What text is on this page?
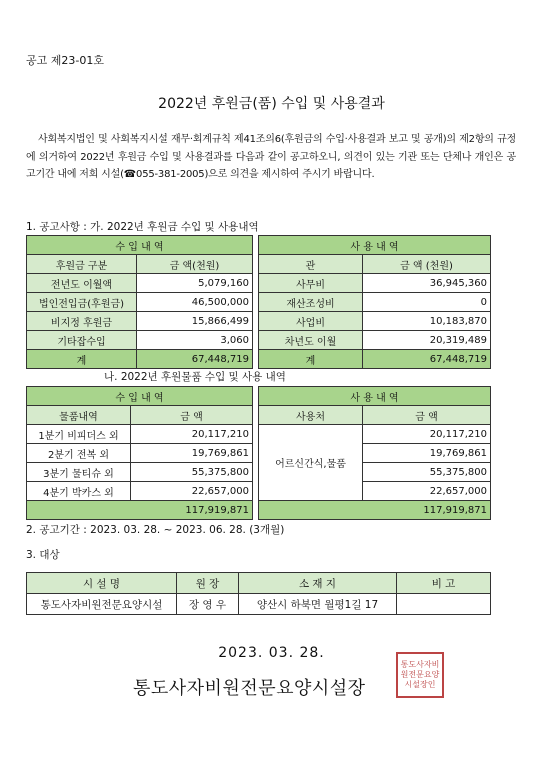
공고 제23-01호
2022년 후원금(품) 수입 및 사용결과
사회복지법인 및 사회복지시설 재무·회계규칙 제41조의6(후원금의 수입·사용결과 보고 및 공개)의 제2항의 규정에 의거하여 2022년 후원금 수입 및 사용결과를 다음과 같이 공고하오니, 의견이 있는 기관 또는 단체나 개인은 공고기간 내에 저희 시설(☎055-381-2005)으로 의견을 제시하여 주시기 바랍니다.
1. 공고사항 : 가. 2022년 후원금 수입 및 사용내역
수 입 내 역			사 용 내 역	
후원금 구분	금 액(천원)		관	금 액 (천원)
전년도 이월액	5,079,160		사무비	36,945,360
법인전입금(후원금)	46,500,000		재산조성비	0
비지정 후원금	15,866,499		사업비	10,183,870
기타잡수입	3,060		차년도 이월	20,319,489
계	67,448,719		계	67,448,719
나. 2022년 후원물품 수입 및 사용 내역
수 입 내 역			사 용 내 역	
물품내역	금 액		사용처	금 액
1분기 비피더스 외	20,117,210		어르신간식,물품	20,117,210
2분기 전복 외	19,769,861			19,769,861
3분기 물티슈 외	55,375,800			55,375,800
4분기 박카스 외	22,657,000			22,657,000
117,919,871			117,919,871	
2. 공고기간 : 2023. 03. 28. ~ 2023. 06. 28. (3개월)
3. 대상
시 설 명	원 장	소 재 지	비 고
통도사자비원전문요양시설	장 영 우	양산시 하북면 월평1길 17	
2023. 03. 28.
통도사자비원전문요양시설장
통도사자비원전문요양시설장인
